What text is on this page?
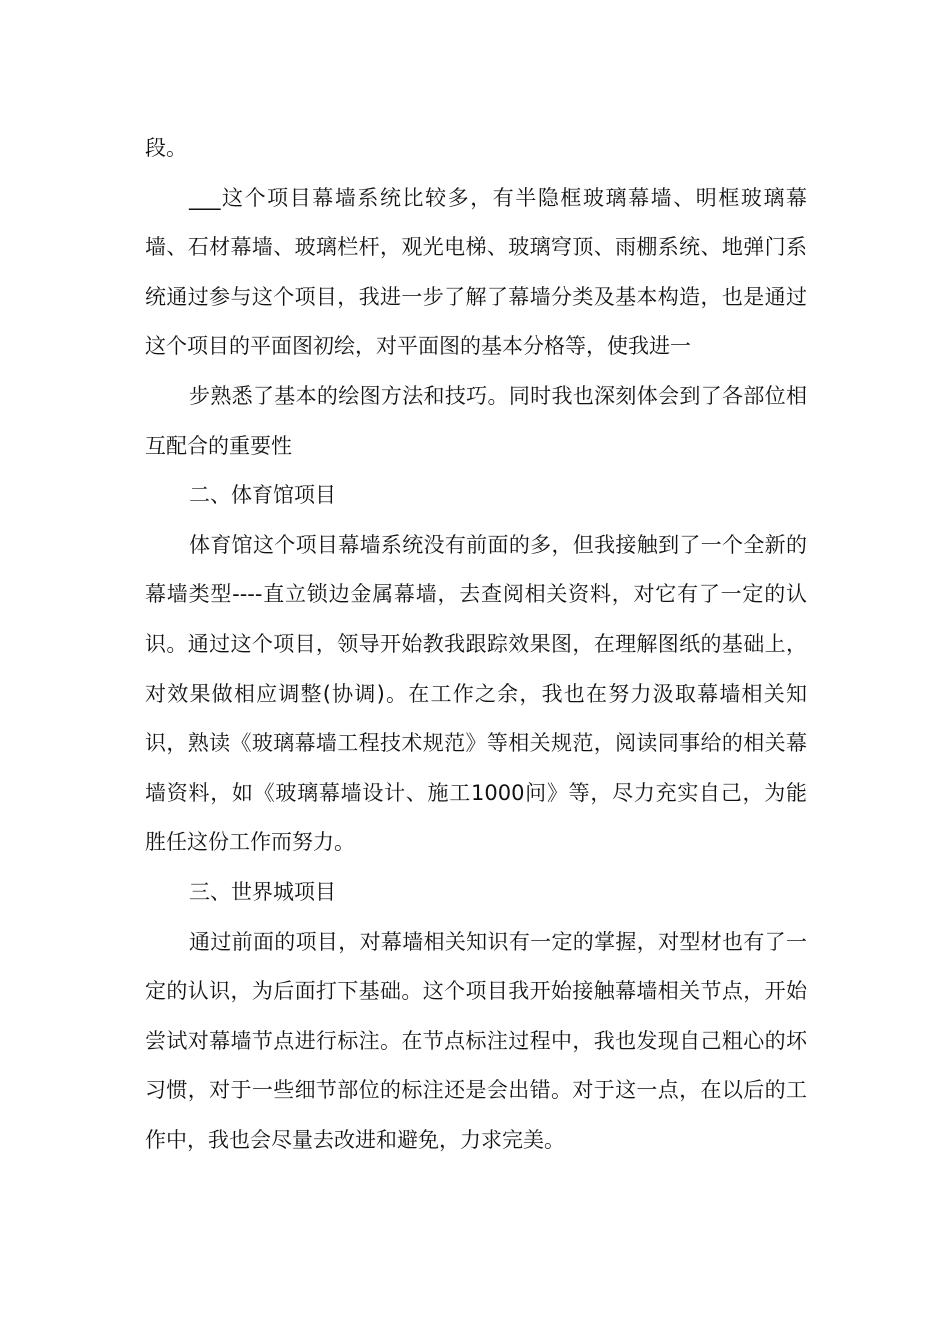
段。

___这个项目幕墙系统比较多，有半隐框玻璃幕墙、明框玻璃幕墙、石材幕墙、玻璃栏杆，观光电梯、玻璃穹顶、雨棚系统、地弹门系统通过参与这个项目，我进一步了解了幕墙分类及基本构造，也是通过这个项目的平面图初绘，对平面图的基本分格等，使我进一

步熟悉了基本的绘图方法和技巧。同时我也深刻体会到了各部位相互配合的重要性

二、体育馆项目

体育馆这个项目幕墙系统没有前面的多，但我接触到了一个全新的幕墙类型----直立锁边金属幕墙，去查阅相关资料，对它有了一定的认识。通过这个项目，领导开始教我跟踪效果图，在理解图纸的基础上，对效果做相应调整(协调)。在工作之余，我也在努力汲取幕墙相关知识，熟读《玻璃幕墙工程技术规范》等相关规范，阅读同事给的相关幕墙资料，如《玻璃幕墙设计、施工1000问》等，尽力充实自己，为能胜任这份工作而努力。

三、世界城项目

通过前面的项目，对幕墙相关知识有一定的掌握，对型材也有了一定的认识，为后面打下基础。这个项目我开始接触幕墙相关节点，开始尝试对幕墙节点进行标注。在节点标注过程中，我也发现自己粗心的坏习惯，对于一些细节部位的标注还是会出错。对于这一点，在以后的工作中，我也会尽量去改进和避免，力求完美。
